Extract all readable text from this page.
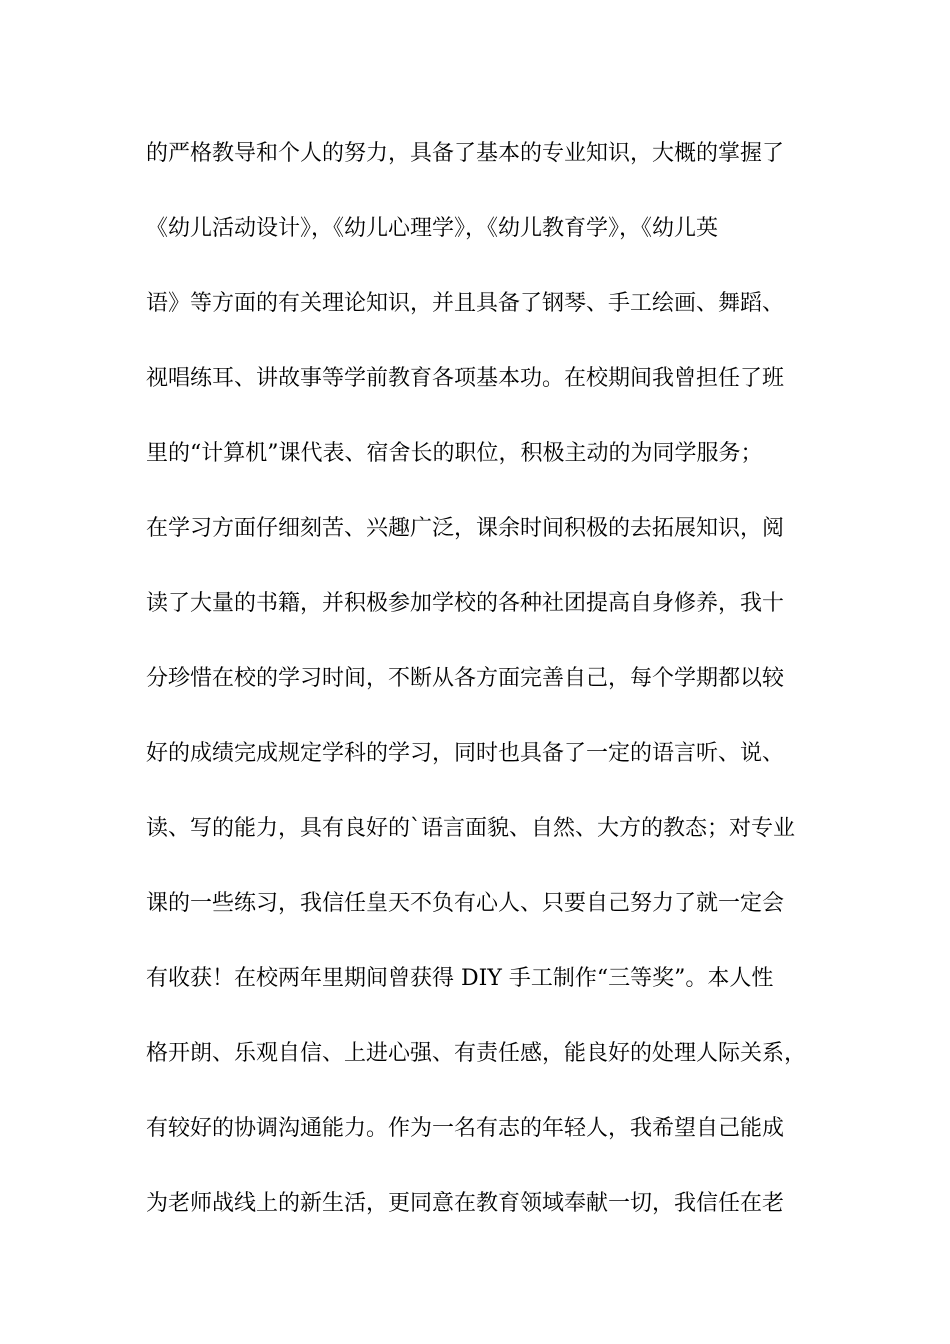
的严格教导和个人的努力，具备了基本的专业知识，大概的掌握了

《幼儿活动设计》，《幼儿心理学》，《幼儿教育学》，《幼儿英

语》等方面的有关理论知识，并且具备了钢琴、手工绘画、舞蹈、

视唱练耳、讲故事等学前教育各项基本功。在校期间我曾担任了班

里的“计算机”课代表、宿舍长的职位，积极主动的为同学服务；

在学习方面仔细刻苦、兴趣广泛，课余时间积极的去拓展知识，阅

读了大量的书籍，并积极参加学校的各种社团提高自身修养，我十

分珍惜在校的学习时间，不断从各方面完善自己，每个学期都以较

好的成绩完成规定学科的学习，同时也具备了一定的语言听、说、

读、写的能力，具有良好的`语言面貌、自然、大方的教态；对专业

课的一些练习，我信任皇天不负有心人、只要自己努力了就一定会

有收获！在校两年里期间曾获得 DIY 手工制作“三等奖”。本人性

格开朗、乐观自信、上进心强、有责任感，能良好的处理人际关系，

有较好的协调沟通能力。作为一名有志的年轻人，我希望自己能成

为老师战线上的新生活，更同意在教育领域奉献一切，我信任在老
